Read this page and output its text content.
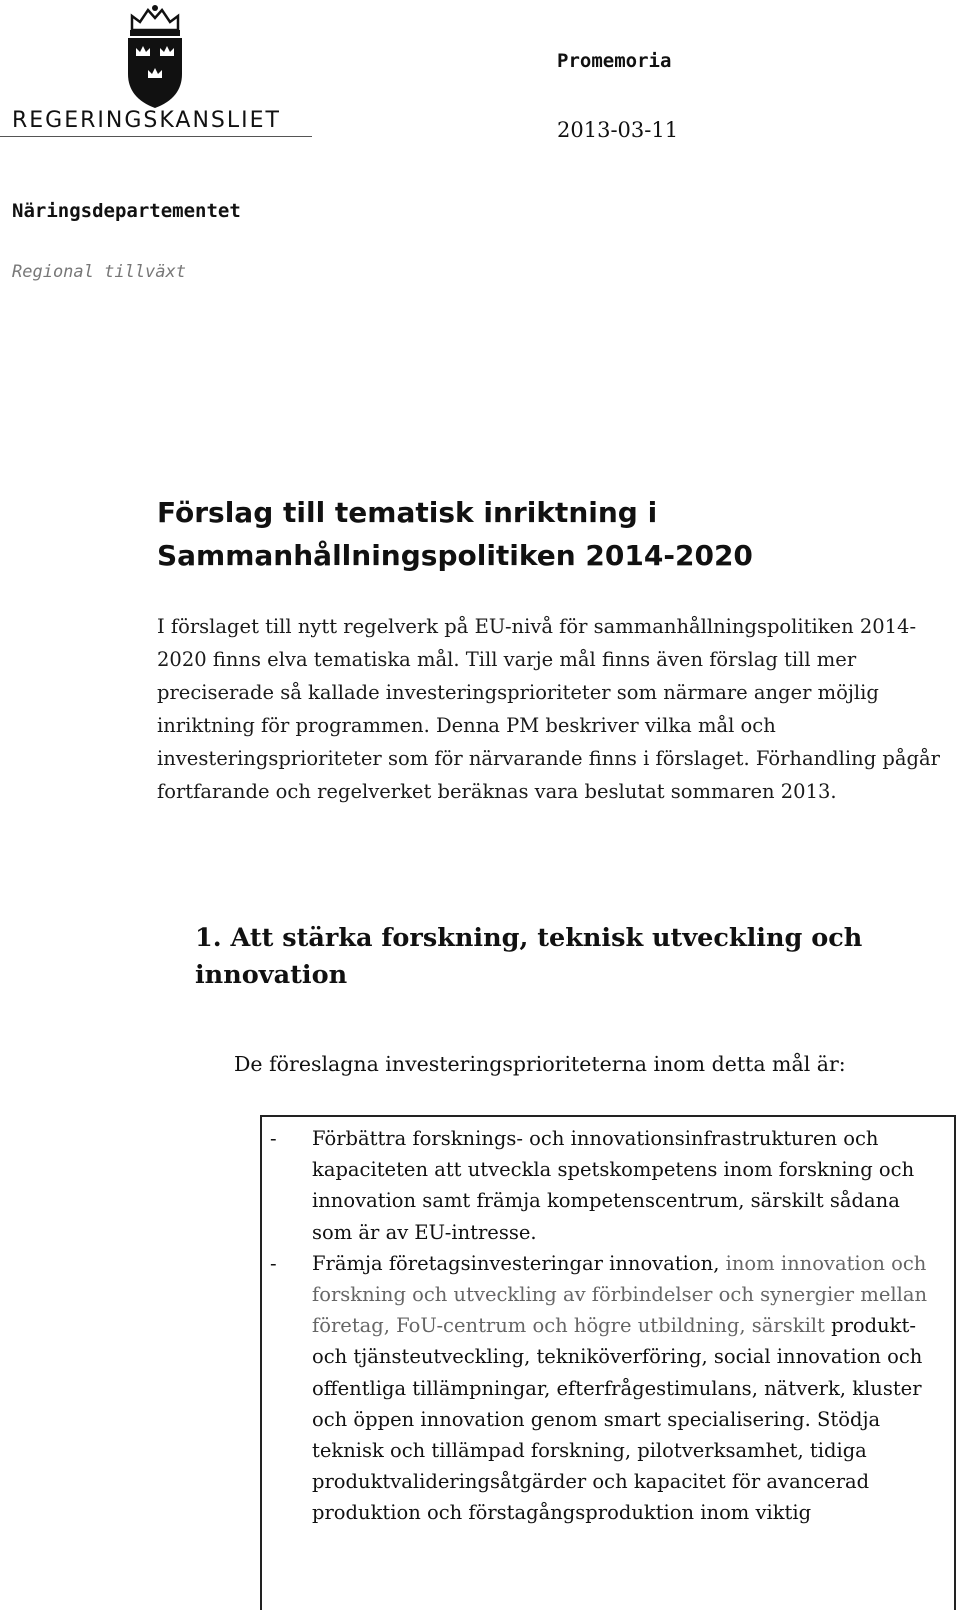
REGERINGSKANSLIET
Promemoria
2013-03-11
Näringsdepartementet
Regional tillväxt
Förslag till tematisk inriktning i
Sammanhållningspolitiken 2014-2020

I förslaget till nytt regelverk på EU-nivå för sammanhållningspolitiken 2014-2020 finns elva tematiska mål. Till varje mål finns även förslag till mer preciserade så kallade investeringsprioriteter som närmare anger möjlig inriktning för programmen. Denna PM beskriver vilka mål och investeringsprioriteter som för närvarande finns i förslaget. Förhandling pågår fortfarande och regelverket beräknas vara beslutat sommaren 2013.

1. Att stärka forskning, teknisk utveckling och innovation

De föreslagna investeringsprioriteterna inom detta mål är:

- Förbättra forsknings- och innovationsinfrastrukturen och kapaciteten att utveckla spetskompetens inom forskning och innovation samt främja kompetenscentrum, särskilt sådana som är av EU-intresse.
- Främja företagsinvesteringar innovation, inom innovation och forskning och utveckling av förbindelser och synergier mellan företag, FoU-centrum och högre utbildning, särskilt produkt- och tjänsteutveckling, tekniköverföring, social innovation och offentliga tillämpningar, efterfrågestimulans, nätverk, kluster och öppen innovation genom smart specialisering. Stödja teknisk och tillämpad forskning, pilotverksamhet, tidiga produktvalideringsåtgärder och kapacitet för avancerad produktion och förstagångsproduktion inom viktig
